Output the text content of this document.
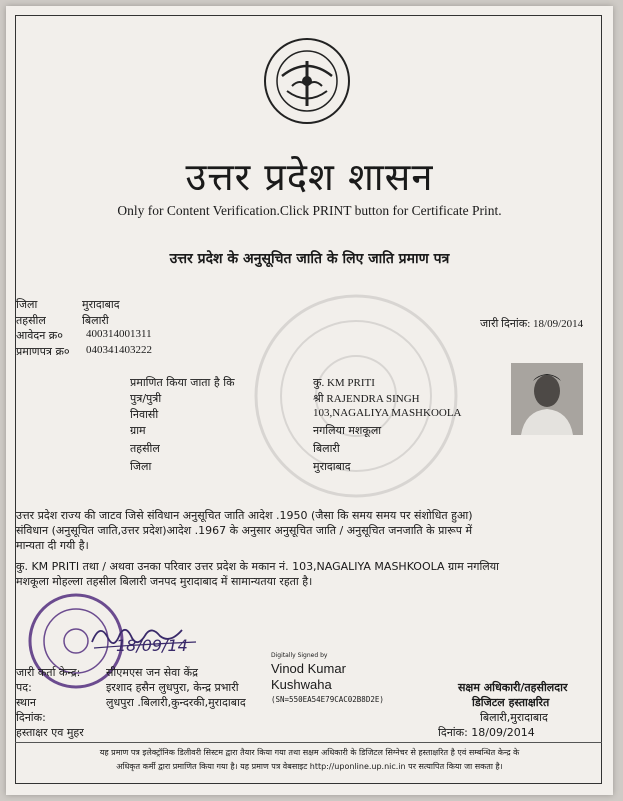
उत्तर प्रदेश शासन
Only for Content Verification.Click PRINT button for Certificate Print.
उत्तर प्रदेश के अनुसूचित जाति के लिए जाति प्रमाण पत्र
जिला	मुरादाबाद
तहसील	बिलारी
आवेदन क्र० 400314001311
प्रमाणपत्र क्र० 040341403222
जारी दिनांक: 18/09/2014
प्रमाणित किया जाता है कि	कु. KM PRITI
पुत्र/पुत्री	श्री RAJENDRA SINGH
निवासी	103,NAGALIYA MASHKOOLA
ग्राम	नगलिया मशकूला
तहसील	बिलारी
जिला	मुरादाबाद
उत्तर प्रदेश राज्य की जाटव जिसे संविधान अनुसूचित जाति आदेश .1950 (जैसा कि समय समय पर संशोधित हुआ)
संविधान (अनुसूचित जाति,उत्तर प्रदेश)आदेश .1967 के अनुसार अनुसूचित जाति / अनुसूचित जनजाति के प्रारूप में
मान्यता दी गयी है।
कु. KM PRITI तथा / अथवा उनका परिवार उत्तर प्रदेश के मकान नं. 103,NAGALIYA MASHKOOLA ग्राम नगलिया
मशकूला मोहल्ला तहसील बिलारी जनपद मुरादाबाद में सामान्यतया रहता है।
18/09/14
जारी कर्ता केन्द्र: सीएमएस जन सेवा केंद्र
पद:	इरशाद हसैन लुधपुरा, केन्द्र प्रभारी
स्थान	लुधपुरा .बिलारी,कुन्दरकी,मुरादाबाद
दिनांक:
हस्ताक्षर एव मुहर
Digitally Signed by
Vinod Kumar
Kushwaha
(SN=550EA54E79CAC02B8D2E)
सक्षम अधिकारी/तहसीलदार
डिजिटल हस्ताक्षरित
बिलारी,मुरादाबाद
दिनांक: 18/09/2014
यह प्रमाण पत्र इलेक्ट्रॉनिक डिलीवरी सिस्टम द्वारा तैयार किया गया तथा सक्षम अधिकारी के डिजिटल सिग्नेचर से हस्ताक्षरित है एवं सम्बन्धित केन्द्र के
अधिकृत कर्मी द्वारा प्रमाणित किया गया है। यह प्रमाण पत्र वेबसाइट http://uponline.up.nic.in पर सत्यापित किया जा सकता है।
